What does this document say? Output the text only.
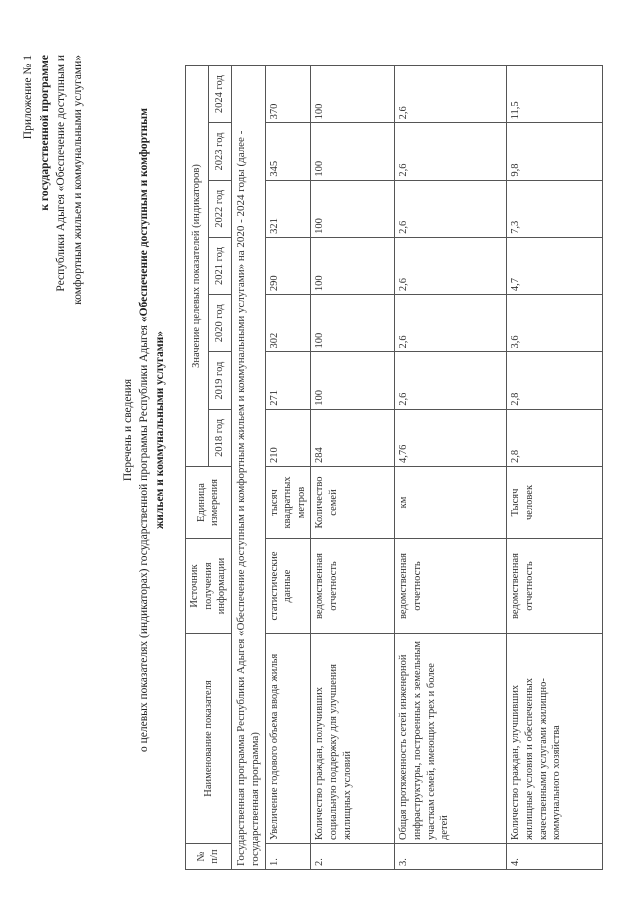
Приложение № 1 к государственной программе Республики Адыгея «Обеспечение доступным и комфортным жильем и коммунальными услугами»
Перечень и сведения о целевых показателях (индикаторах) государственной программы Республики Адыгея «Обеспечение доступным и комфортным
жильем и коммунальными услугами»
№ п/п	Наименование показателя	Источник получения информации	Единица измерения	Значение целевых показателей (индикаторов)						
				2018 год	2019 год	2020 год	2021 год	2022 год	2023 год	2024 год
Государственная программа Республики Адыгея «Обеспечение доступным и комфортным жильем и коммунальными услугами» на 2020 - 2024 годы (далее - государственная программа)										
1.	Увеличение годового объема ввода жилья	статистические данные	тысяч квадратных метров	210	271	302	290	321	345	370
2.	Количество граждан, получивших социальную поддержку для улучшения жилищных условий	ведомственная отчетность	Количество семей	284	100	100	100	100	100	100
3.	Общая протяженность сетей инженерной инфраструктуры, построенных к земельным участкам семей, имеющих трех и более детей	ведомственная отчетность	км	4,76	2,6	2,6	2,6	2,6	2,6	2,6
4.	Количество граждан, улучшивших жилищные условия и обеспеченных качественными услугами жилищно-коммунального хозяйства	ведомственная отчетность	Тысяч человек	2,8	2,8	3,6	4,7	7,3	9,8	11,5
